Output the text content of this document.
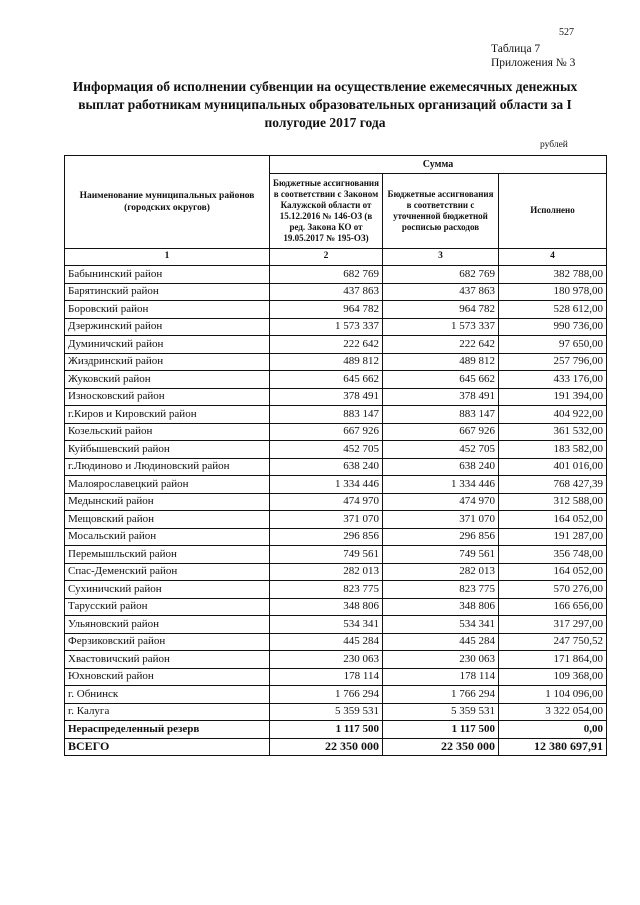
527
Таблица 7
Приложения № 3
Информация об исполнении субвенции на осуществление ежемесячных денежных выплат работникам муниципальных образовательных организаций области за I полугодие 2017 года
рублей
Наименование муниципальных районов (городских округов)	Сумма		
	Бюджетные ассигнования в соответствии с Законом Калужской области от 15.12.2016 № 146-ОЗ (в ред. Закона КО от 19.05.2017 № 195-ОЗ)	Бюджетные ассигнования в соответствии с уточненной бюджетной росписью расходов	Исполнено
1	2	3	4
Бабынинский район	682 769	682 769	382 788,00
Барятинский район	437 863	437 863	180 978,00
Боровский район	964 782	964 782	528 612,00
Дзержинский район	1 573 337	1 573 337	990 736,00
Думиничский район	222 642	222 642	97 650,00
Жиздринский район	489 812	489 812	257 796,00
Жуковский район	645 662	645 662	433 176,00
Износковский район	378 491	378 491	191 394,00
г.Киров и Кировский район	883 147	883 147	404 922,00
Козельский район	667 926	667 926	361 532,00
Куйбышевский район	452 705	452 705	183 582,00
г.Людиново и Людиновский район	638 240	638 240	401 016,00
Малоярославецкий район	1 334 446	1 334 446	768 427,39
Медынский район	474 970	474 970	312 588,00
Мещовский район	371 070	371 070	164 052,00
Мосальский район	296 856	296 856	191 287,00
Перемышльский район	749 561	749 561	356 748,00
Спас-Деменский район	282 013	282 013	164 052,00
Сухиничский район	823 775	823 775	570 276,00
Тарусский район	348 806	348 806	166 656,00
Ульяновский район	534 341	534 341	317 297,00
Ферзиковский район	445 284	445 284	247 750,52
Хвастовичский район	230 063	230 063	171 864,00
Юхновский район	178 114	178 114	109 368,00
г. Обнинск	1 766 294	1 766 294	1 104 096,00
г. Калуга	5 359 531	5 359 531	3 322 054,00
Нераспределенный резерв	1 117 500	1 117 500	0,00
ВСЕГО	22 350 000	22 350 000	12 380 697,91
